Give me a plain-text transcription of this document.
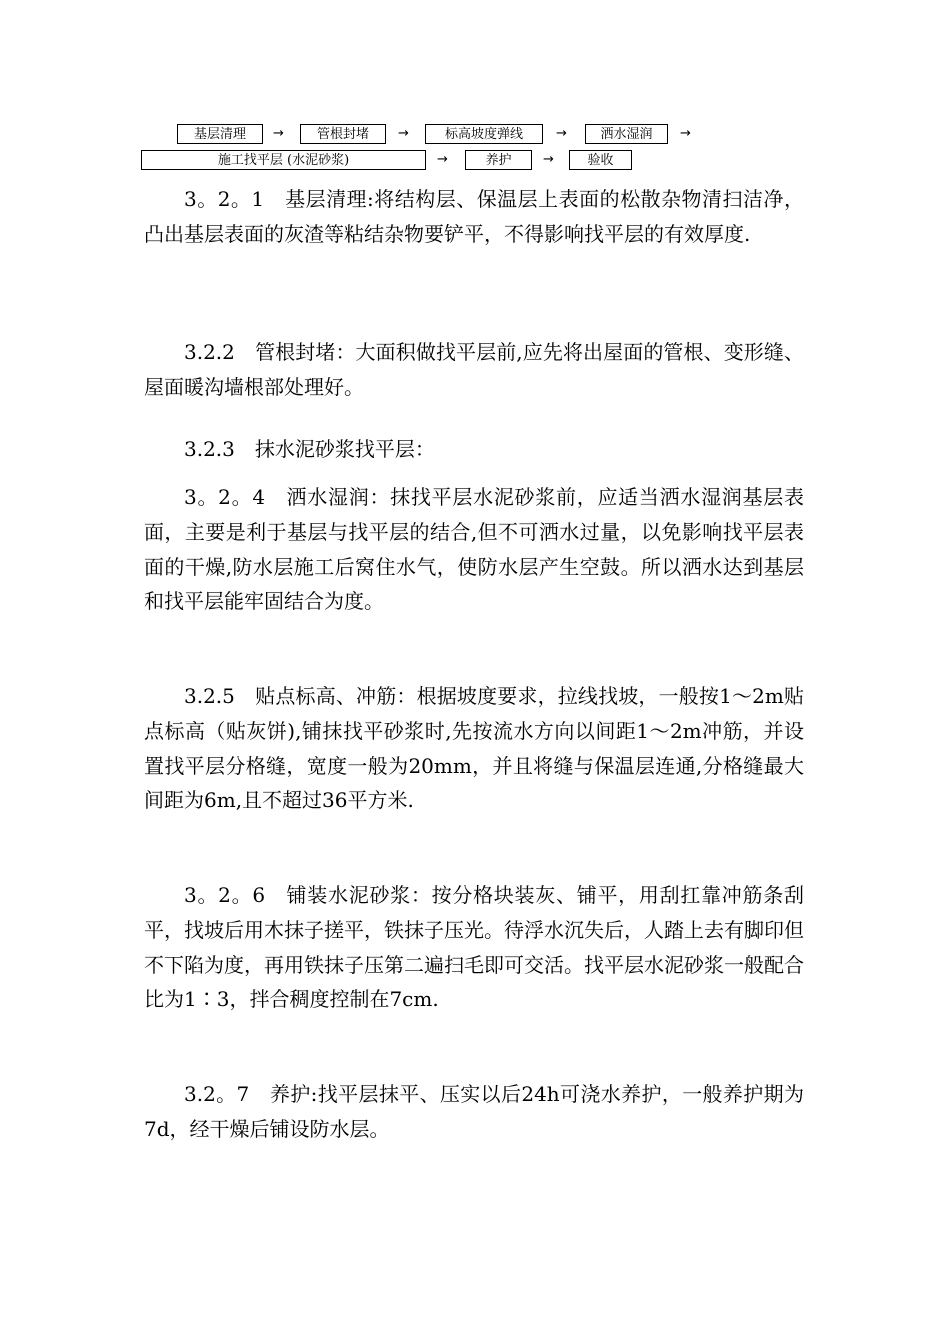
基层清理	→	管根封堵	→	标高坡度弹线	→	洒水湿润	→
施工找平层 (水泥砂浆)	→	养护	→	验收

3。2。1　基层清理:将结构层、保温层上表面的松散杂物清扫洁净，凸出基层表面的灰渣等粘结杂物要铲平，不得影响找平层的有效厚度.

3.2.2　管根封堵：大面积做找平层前,应先将出屋面的管根、变形缝、屋面暖沟墙根部处理好。

3.2.3　抹水泥砂浆找平层：

3。2。4　洒水湿润：抹找平层水泥砂浆前，应适当洒水湿润基层表面，主要是利于基层与找平层的结合,但不可洒水过量，以免影响找平层表面的干燥,防水层施工后窝住水气，使防水层产生空鼓。所以洒水达到基层和找平层能牢固结合为度。

3.2.5　贴点标高、冲筋：根据坡度要求，拉线找坡，一般按1～2m贴点标高（贴灰饼),铺抹找平砂浆时,先按流水方向以间距1～2m冲筋，并设置找平层分格缝，宽度一般为20mm，并且将缝与保温层连通,分格缝最大间距为6m,且不超过36平方米.

3。2。6　铺装水泥砂浆：按分格块装灰、铺平，用刮扛靠冲筋条刮平，找坡后用木抹子搓平，铁抹子压光。待浮水沉失后，人踏上去有脚印但不下陷为度，再用铁抹子压第二遍扫毛即可交活。找平层水泥砂浆一般配合比为1∶3，拌合稠度控制在7cm.

3.2。7　养护:找平层抹平、压实以后24h可浇水养护，一般养护期为7d，经干燥后铺设防水层。
